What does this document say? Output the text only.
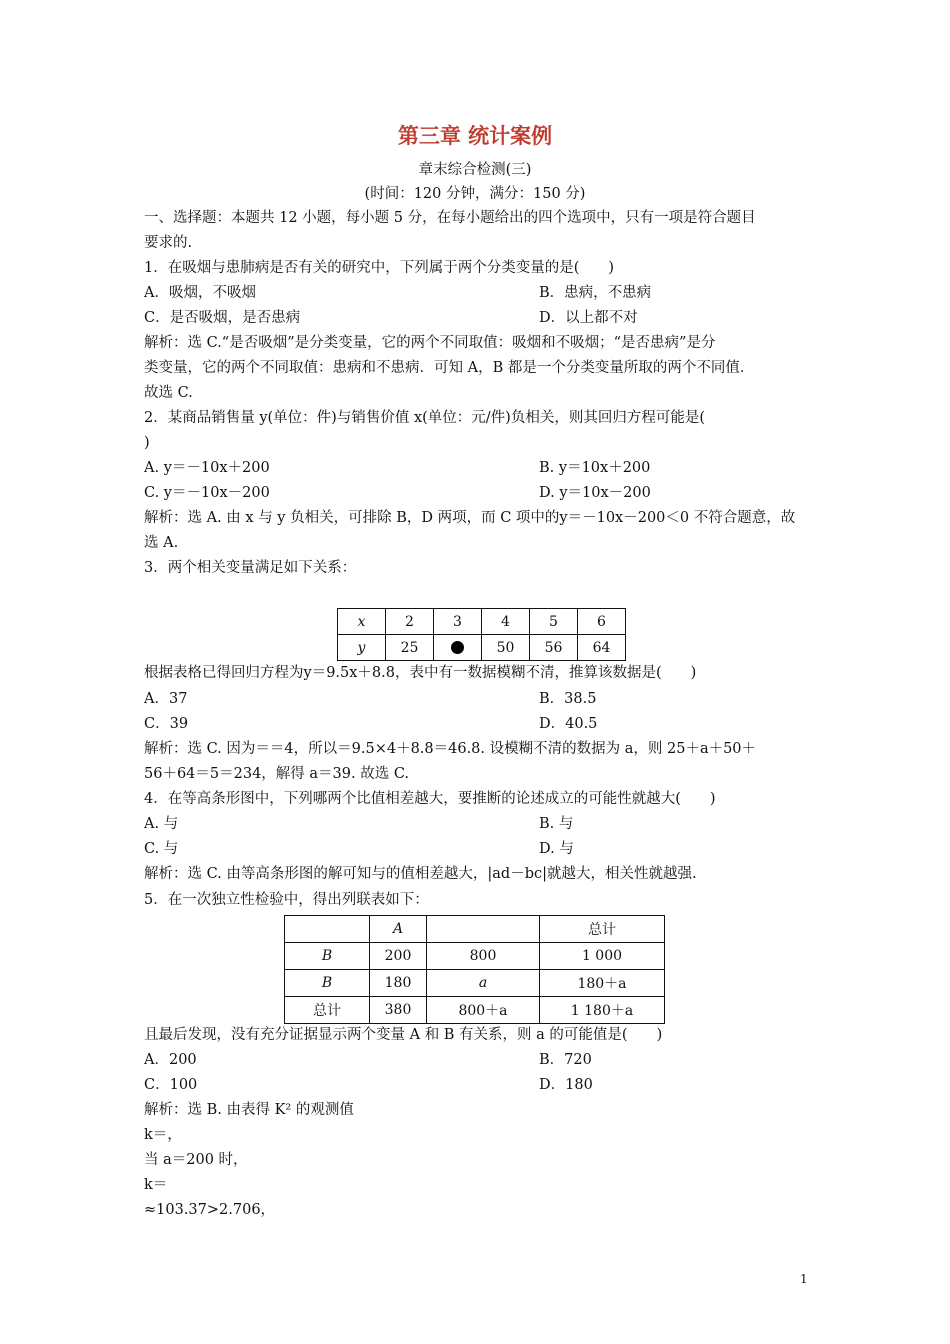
第三章 统计案例
章末综合检测(三)
(时间：120 分钟，满分：150 分)
一、选择题：本题共 12 小题，每小题 5 分，在每小题给出的四个选项中，只有一项是符合题目
要求的.
1．在吸烟与患肺病是否有关的研究中，下列属于两个分类变量的是(　　)
A．吸烟，不吸烟	B．患病，不患病
C．是否吸烟，是否患病	D．以上都不对
解析：选 C.“是否吸烟”是分类变量，它的两个不同取值：吸烟和不吸烟；“是否患病”是分
类变量，它的两个不同取值：患病和不患病．可知 A，B 都是一个分类变量所取的两个不同值．
故选 C.
2．某商品销售量 y(单位：件)与销售价值 x(单位：元/件)负相关，则其回归方程可能是(
)
A. y＝－10x＋200	B. y＝10x＋200
C. y＝－10x－200	D. y＝10x－200
解析：选 A. 由 x 与 y 负相关，可排除 B，D 两项，而 C 项中的y＝－10x－200＜0 不符合题意，故
选 A.
3．两个相关变量满足如下关系：
x	2	3	4	5	6
y	25		50	56	64
根据表格已得回归方程为y＝9.5x＋8.8，表中有一数据模糊不清，推算该数据是(　　)
A．37	B．38.5
C．39	D．40.5
解析：选 C. 因为＝＝4，所以＝9.5×4＋8.8＝46.8. 设模糊不清的数据为 a，则 25＋a＋50＋
56＋64＝5＝234，解得 a＝39. 故选 C.
4．在等高条形图中，下列哪两个比值相差越大，要推断的论述成立的可能性就越大(　　)
A. 与	B. 与
C. 与	D. 与
解析：选 C. 由等高条形图的解可知与的值相差越大，|ad－bc|就越大，相关性就越强.
5．在一次独立性检验中，得出列联表如下：
	A		总计
B	200	800	1 000
B	180	a	180＋a
总计	380	800＋a	1 180＋a
且最后发现，没有充分证据显示两个变量 A 和 B 有关系，则 a 的可能值是(　　)
A．200	B．720
C．100	D．180
解析：选 B. 由表得 K² 的观测值
k＝，
当 a＝200 时，
k＝
≈103.37>2.706，
1
